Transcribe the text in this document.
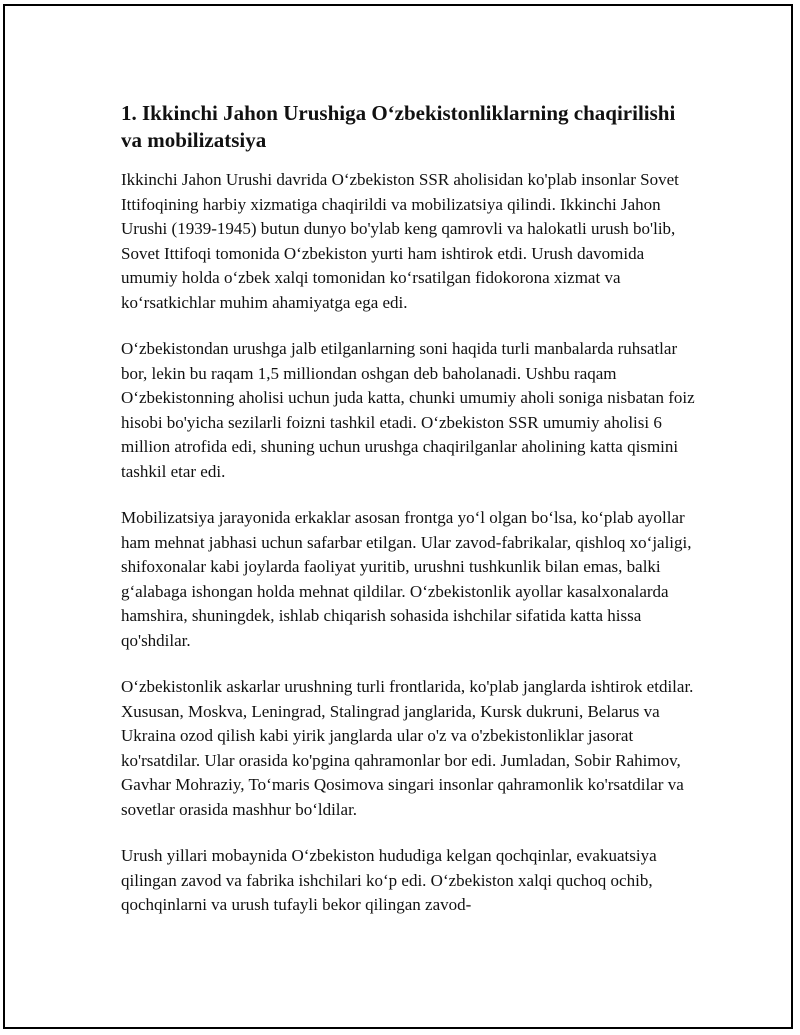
1. Ikkinchi Jahon Urushiga O‘zbekistonliklarning chaqirilishi va mobilizatsiya

Ikkinchi Jahon Urushi davrida O‘zbekiston SSR aholisidan ko'plab insonlar Sovet Ittifoqining harbiy xizmatiga chaqirildi va mobilizatsiya qilindi. Ikkinchi Jahon Urushi (1939-1945) butun dunyo bo'ylab keng qamrovli va halokatli urush bo'lib, Sovet Ittifoqi tomonida O‘zbekiston yurti ham ishtirok etdi. Urush davomida umumiy holda o‘zbek xalqi tomonidan ko‘rsatilgan fidokorona xizmat va ko‘rsatkichlar muhim ahamiyatga ega edi.

O‘zbekistondan urushga jalb etilganlarning soni haqida turli manbalarda ruhsatlar bor, lekin bu raqam 1,5 milliondan oshgan deb baholanadi. Ushbu raqam O‘zbekistonning aholisi uchun juda katta, chunki umumiy aholi soniga nisbatan foiz hisobi bo'yicha sezilarli foizni tashkil etadi. O‘zbekiston SSR umumiy aholisi 6 million atrofida edi, shuning uchun urushga chaqirilganlar aholining katta qismini tashkil etar edi.

Mobilizatsiya jarayonida erkaklar asosan frontga yo‘l olgan bo‘lsa, ko‘plab ayollar ham mehnat jabhasi uchun safarbar etilgan. Ular zavod-fabrikalar, qishloq xo‘jaligi, shifoxonalar kabi joylarda faoliyat yuritib, urushni tushkunlik bilan emas, balki g‘alabaga ishongan holda mehnat qildilar. O‘zbekistonlik ayollar kasalxonalarda hamshira, shuningdek, ishlab chiqarish sohasida ishchilar sifatida katta hissa qo'shdilar.

O‘zbekistonlik askarlar urushning turli frontlarida, ko'plab janglarda ishtirok etdilar. Xususan, Moskva, Leningrad, Stalingrad janglarida, Kursk dukruni, Belarus va Ukraina ozod qilish kabi yirik janglarda ular o'z va o'zbekistonliklar jasorat ko'rsatdilar. Ular orasida ko'pgina qahramonlar bor edi. Jumladan, Sobir Rahimov, Gavhar Mohraziy, To‘maris Qosimova singari insonlar qahramonlik ko'rsatdilar va sovetlar orasida mashhur bo‘ldilar.

Urush yillari mobaynida O‘zbekiston hududiga kelgan qochqinlar, evakuatsiya qilingan zavod va fabrika ishchilari ko‘p edi. O‘zbekiston xalqi quchoq ochib, qochqinlarni va urush tufayli bekor qilingan zavod-
